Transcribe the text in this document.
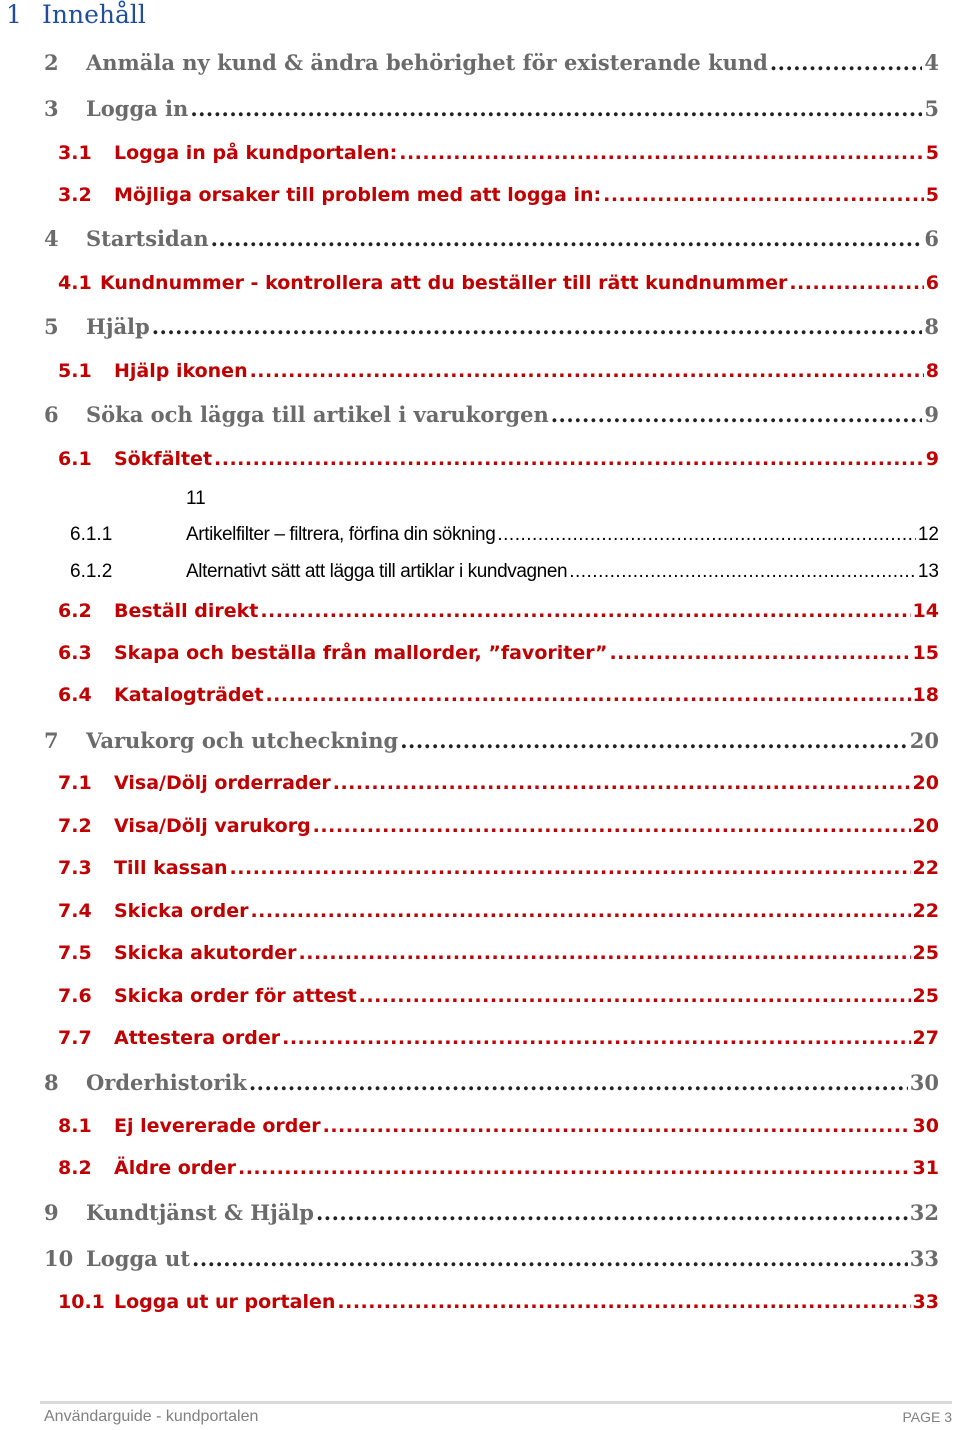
1 Innehåll
2	Anmäla ny kund & ändra behörighet för existerande kund .....	4
3	Logga in .....	5
3.1	Logga in på kundportalen: .....	5
3.2	Möjliga orsaker till problem med att logga in: .....	5
4	Startsidan .....	6
4.1 Kundnummer - kontrollera att du beställer till rätt kundnummer .....	6
5	Hjälp .....	8
5.1	Hjälp ikonen .....	8
6	Söka och lägga till artikel i varukorgen .....	9
6.1	Sökfältet .....	9
11
6.1.1	Artikelfilter – filtrera, förfina din sökning .....	12
6.1.2	Alternativt sätt att lägga till artiklar i kundvagnen .....	13
6.2	Beställ direkt .....	14
6.3	Skapa och beställa från mallorder, ”favoriter” .....	15
6.4	Katalogträdet .....	18
7	Varukorg och utcheckning .....	20
7.1	Visa/Dölj orderrader .....	20
7.2	Visa/Dölj varukorg .....	20
7.3	Till kassan .....	22
7.4	Skicka order .....	22
7.5	Skicka akutorder .....	25
7.6	Skicka order för attest .....	25
7.7	Attestera order .....	27
8	Orderhistorik .....	30
8.1	Ej levererade order .....	30
8.2	Äldre order .....	31
9	Kundtjänst & Hjälp .....	32
10 Logga ut .....	33
10.1 Logga ut ur portalen .....	33
Användarguide - kundportalen	PAGE 3
